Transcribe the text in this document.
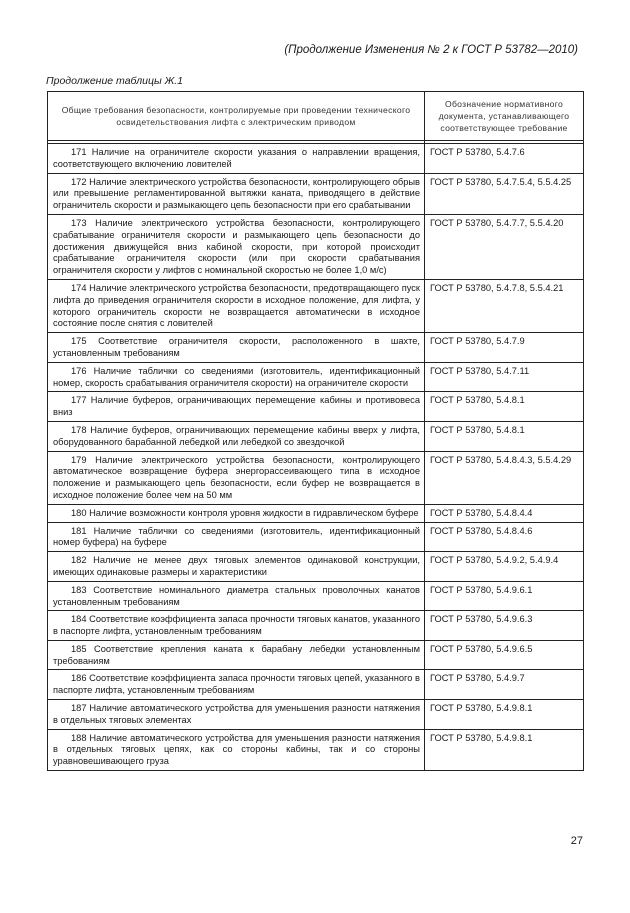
(Продолжение Изменения № 2 к ГОСТ Р 53782—2010)
Продолжение таблицы Ж.1
Общие требования безопасности, контролируемые при проведении технического освидетельствования лифта с электрическим приводом	Обозначение нормативного документа, устанавливающего соответствующее требование

171 Наличие на ограничителе скорости указания о направлении вращения, соответствующего включению ловителей	ГОСТ Р 53780, 5.4.7.6
172 Наличие электрического устройства безопасности, контролирующего обрыв или превышение регламентированной вытяжки каната, приводящего в действие ограничитель скорости и размыкающего цепь безопасности при его срабатывании	ГОСТ Р 53780, 5.4.7.5.4, 5.5.4.25
173 Наличие электрического устройства безопасности, контролирующего срабатывание ограничителя скорости и размыкающего цепь безопасности до достижения движущейся вниз кабиной скорости, при которой происходит срабатывание ограничителя скорости (или при скорости срабатывания ограничителя скорости у лифтов с номинальной скоростью не более 1,0 м/с)	ГОСТ Р 53780, 5.4.7.7, 5.5.4.20
174 Наличие электрического устройства безопасности, предотвращающего пуск лифта до приведения ограничителя скорости в исходное положение, для лифта, у которого ограничитель скорости не возвращается автоматически в исходное состояние после снятия с ловителей	ГОСТ Р 53780, 5.4.7.8, 5.5.4.21
175 Соответствие ограничителя скорости, расположенного в шахте, установленным требованиям	ГОСТ Р 53780, 5.4.7.9
176 Наличие таблички со сведениями (изготовитель, идентификационный номер, скорость срабатывания ограничителя скорости) на ограничителе скорости	ГОСТ Р 53780, 5.4.7.11
177 Наличие буферов, ограничивающих перемещение кабины и противовеса вниз	ГОСТ Р 53780, 5.4.8.1
178 Наличие буферов, ограничивающих перемещение кабины вверх у лифта, оборудованного барабанной лебедкой или лебедкой со звездочкой	ГОСТ Р 53780, 5.4.8.1
179 Наличие электрического устройства безопасности, контролирующего автоматическое возвращение буфера энергорассеивающего типа в исходное положение и размыкающего цепь безопасности, если буфер не возвращается в исходное положение более чем на 50 мм	ГОСТ Р 53780, 5.4.8.4.3, 5.5.4.29
180 Наличие возможности контроля уровня жидкости в гидравлическом буфере	ГОСТ Р 53780, 5.4.8.4.4
181 Наличие таблички со сведениями (изготовитель, идентификационный номер буфера) на буфере	ГОСТ Р 53780, 5.4.8.4.6
182 Наличие не менее двух тяговых элементов одинаковой конструкции, имеющих одинаковые размеры и характеристики	ГОСТ Р 53780, 5.4.9.2, 5.4.9.4
183 Соответствие номинального диаметра стальных проволочных канатов установленным требованиям	ГОСТ Р 53780, 5.4.9.6.1
184 Соответствие коэффициента запаса прочности тяговых канатов, указанного в паспорте лифта, установленным требованиям	ГОСТ Р 53780, 5.4.9.6.3
185 Соответствие крепления каната к барабану лебедки установленным требованиям	ГОСТ Р 53780, 5.4.9.6.5
186 Соответствие коэффициента запаса прочности тяговых цепей, указанного в паспорте лифта, установленным требованиям	ГОСТ Р 53780, 5.4.9.7
187 Наличие автоматического устройства для уменьшения разности натяжения в отдельных тяговых элементах	ГОСТ Р 53780, 5.4.9.8.1
188 Наличие автоматического устройства для уменьшения разности натяжения в отдельных тяговых цепях, как со стороны кабины, так и со стороны уравновешивающего груза	ГОСТ Р 53780, 5.4.9.8.1
27
